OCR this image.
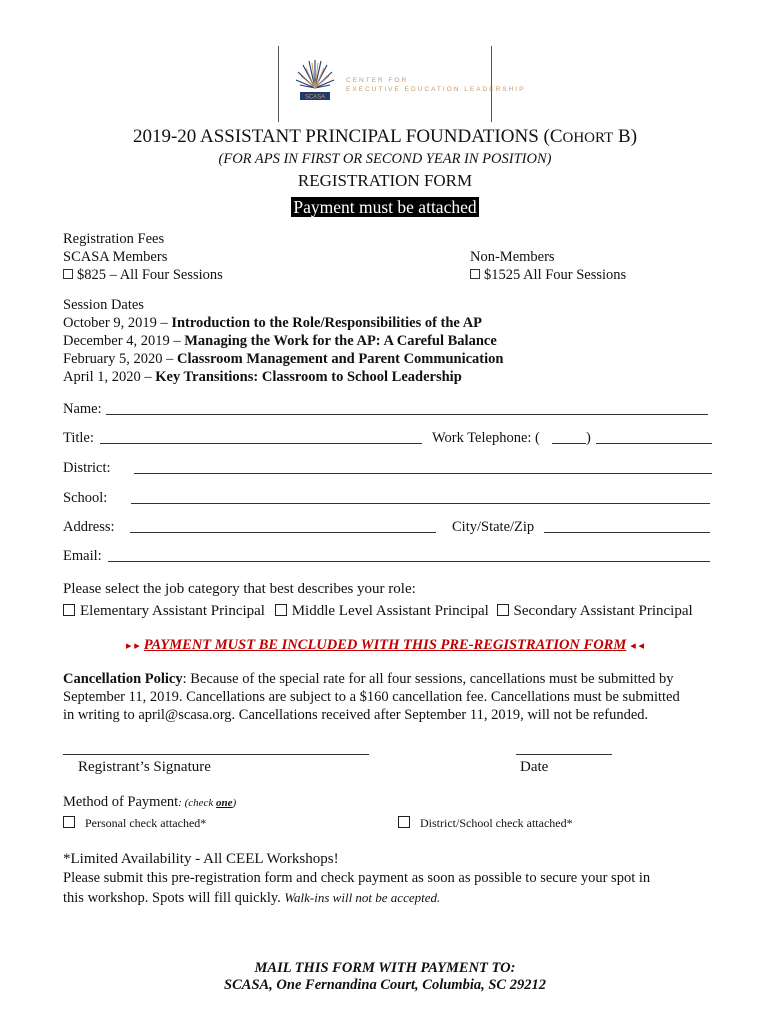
SCASA
CENTER FOR
EXECUTIVE EDUCATION LEADERSHIP
2019-20 ASSISTANT PRINCIPAL FOUNDATIONS (COHORT B)
(FOR APS IN FIRST OR SECOND YEAR IN POSITION)
REGISTRATION FORM
Payment must be attached
Registration Fees
SCASA Members
$825 – All Four Sessions
Non-Members
$1525 All Four Sessions
Session Dates
October 9, 2019 – Introduction to the Role/Responsibilities of the AP
December 4, 2019 – Managing the Work for the AP: A Careful Balance
February 5, 2020 – Classroom Management and Parent Communication
April 1, 2020 – Key Transitions: Classroom to School Leadership
Name:
Title:	Work Telephone: (	)
District:
School:
Address:	City/State/Zip
Email:
Please select the job category that best describes your role:
Elementary Assistant Principal Middle Level Assistant Principal Secondary Assistant Principal
▸ ▸ PAYMENT MUST BE INCLUDED WITH THIS PRE-REGISTRATION FORM ◂ ◂
Cancellation Policy: Because of the special rate for all four sessions, cancellations must be submitted by
September 11, 2019. Cancellations are subject to a $160 cancellation fee. Cancellations must be submitted
in writing to april@scasa.org. Cancellations received after September 11, 2019, will not be refunded.
Registrant’s Signature	Date
Method of Payment: (check one)
Personal check attached*	District/School check attached*
*Limited Availability - All CEEL Workshops!
Please submit this pre-registration form and check payment as soon as possible to secure your spot in
this workshop. Spots will fill quickly. Walk-ins will not be accepted.
MAIL THIS FORM WITH PAYMENT TO:
SCASA, One Fernandina Court, Columbia, SC 29212
